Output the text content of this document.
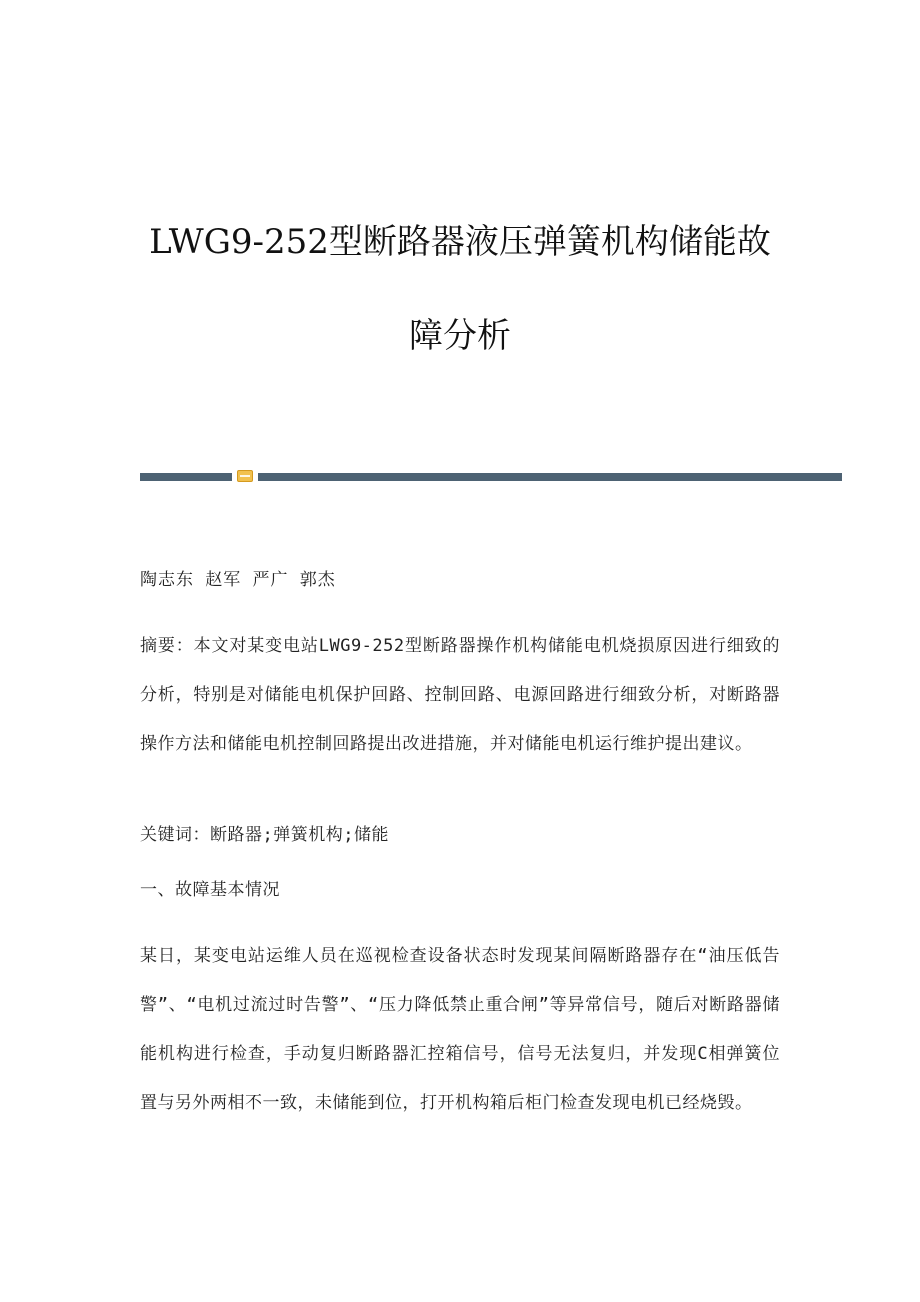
LWG9-252型断路器液压弹簧机构储能故
障分析

陶志东 赵军 严广 郭杰

摘要：本文对某变电站LWG9-252型断路器操作机构储能电机烧损原因进行细致的分析，特别是对储能电机保护回路、控制回路、电源回路进行细致分析，对断路器操作方法和储能电机控制回路提出改进措施，并对储能电机运行维护提出建议。

关键词：断路器;弹簧机构;储能

一、故障基本情况

某日，某变电站运维人员在巡视检查设备状态时发现某间隔断路器存在“油压低告警”、“电机过流过时告警”、“压力降低禁止重合闸”等异常信号，随后对断路器储能机构进行检查，手动复归断路器汇控箱信号，信号无法复归，并发现C相弹簧位置与另外两相不一致，未储能到位，打开机构箱后柜门检查发现电机已经烧毁。
